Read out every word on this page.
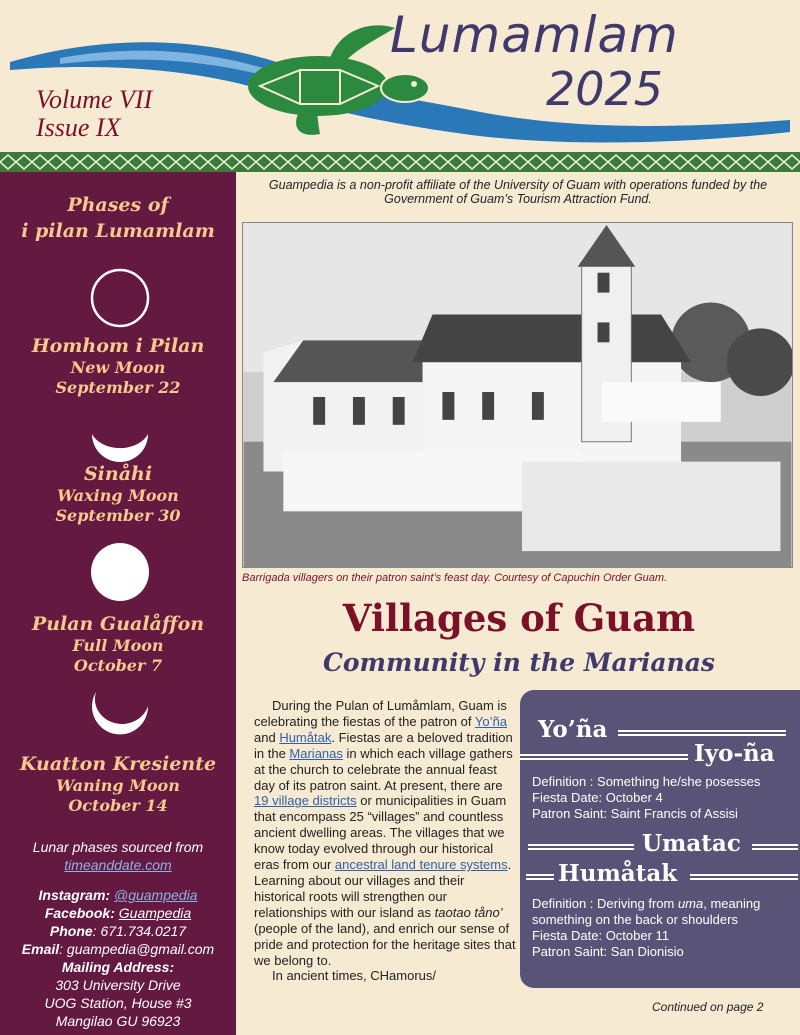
Volume VII
Issue IX
Lumamlam
2025
Phases of
i pilan Lumamlam
Homhom i Pilan
New Moon
September 22
Sinåhi
Waxing Moon
September 30
Pulan Gualåffon
Full Moon
October 7
Kuatton Kresiente
Waning Moon
October 14
Lunar phases sourced from
timeanddate.com
Instagram: @guampedia
Facebook: Guampedia
Phone: 671.734.0217
Email: guampedia@gmail.com
Mailing Address:
303 University Drive
UOG Station, House #3
Mangilao GU 96923
Guampedia is a non-profit affiliate of the University of Guam with operations funded by the Government of Guam’s Tourism Attraction Fund.
Barrigada villagers on their patron saint’s feast day. Courtesy of Capuchin Order Guam.
Villages of Guam
Community in the Marianas

During the Pulan of Lumåmlam, Guam is celebrating the fiestas of the patron of Yo’ña and Humåtak. Fiestas are a beloved tradition in the Marianas in which each village gathers at the church to celebrate the annual feast day of its patron saint. At present, there are 19 village districts or municipalities in Guam that encompass 25 “villages” and countless ancient dwelling areas. The villages that we know today evolved through our historical eras from our ancestral land tenure systems. Learning about our villages and their historical roots will strengthen our relationships with our island as taotao tåno’ (people of the land), and enrich our sense of pride and protection for the heritage sites that we belong to.

In ancient times, CHamorus/

Yo’ña
Iyo-ña
Definition : Something he/she posesses
Fiesta Date: October 4
Patron Saint: Saint Francis of Assisi
Umatac
Humåtak
Definition : Deriving from uma, meaning something on the back or shoulders
Fiesta Date: October 11
Patron Saint: San Dionisio
Continued on page 2
